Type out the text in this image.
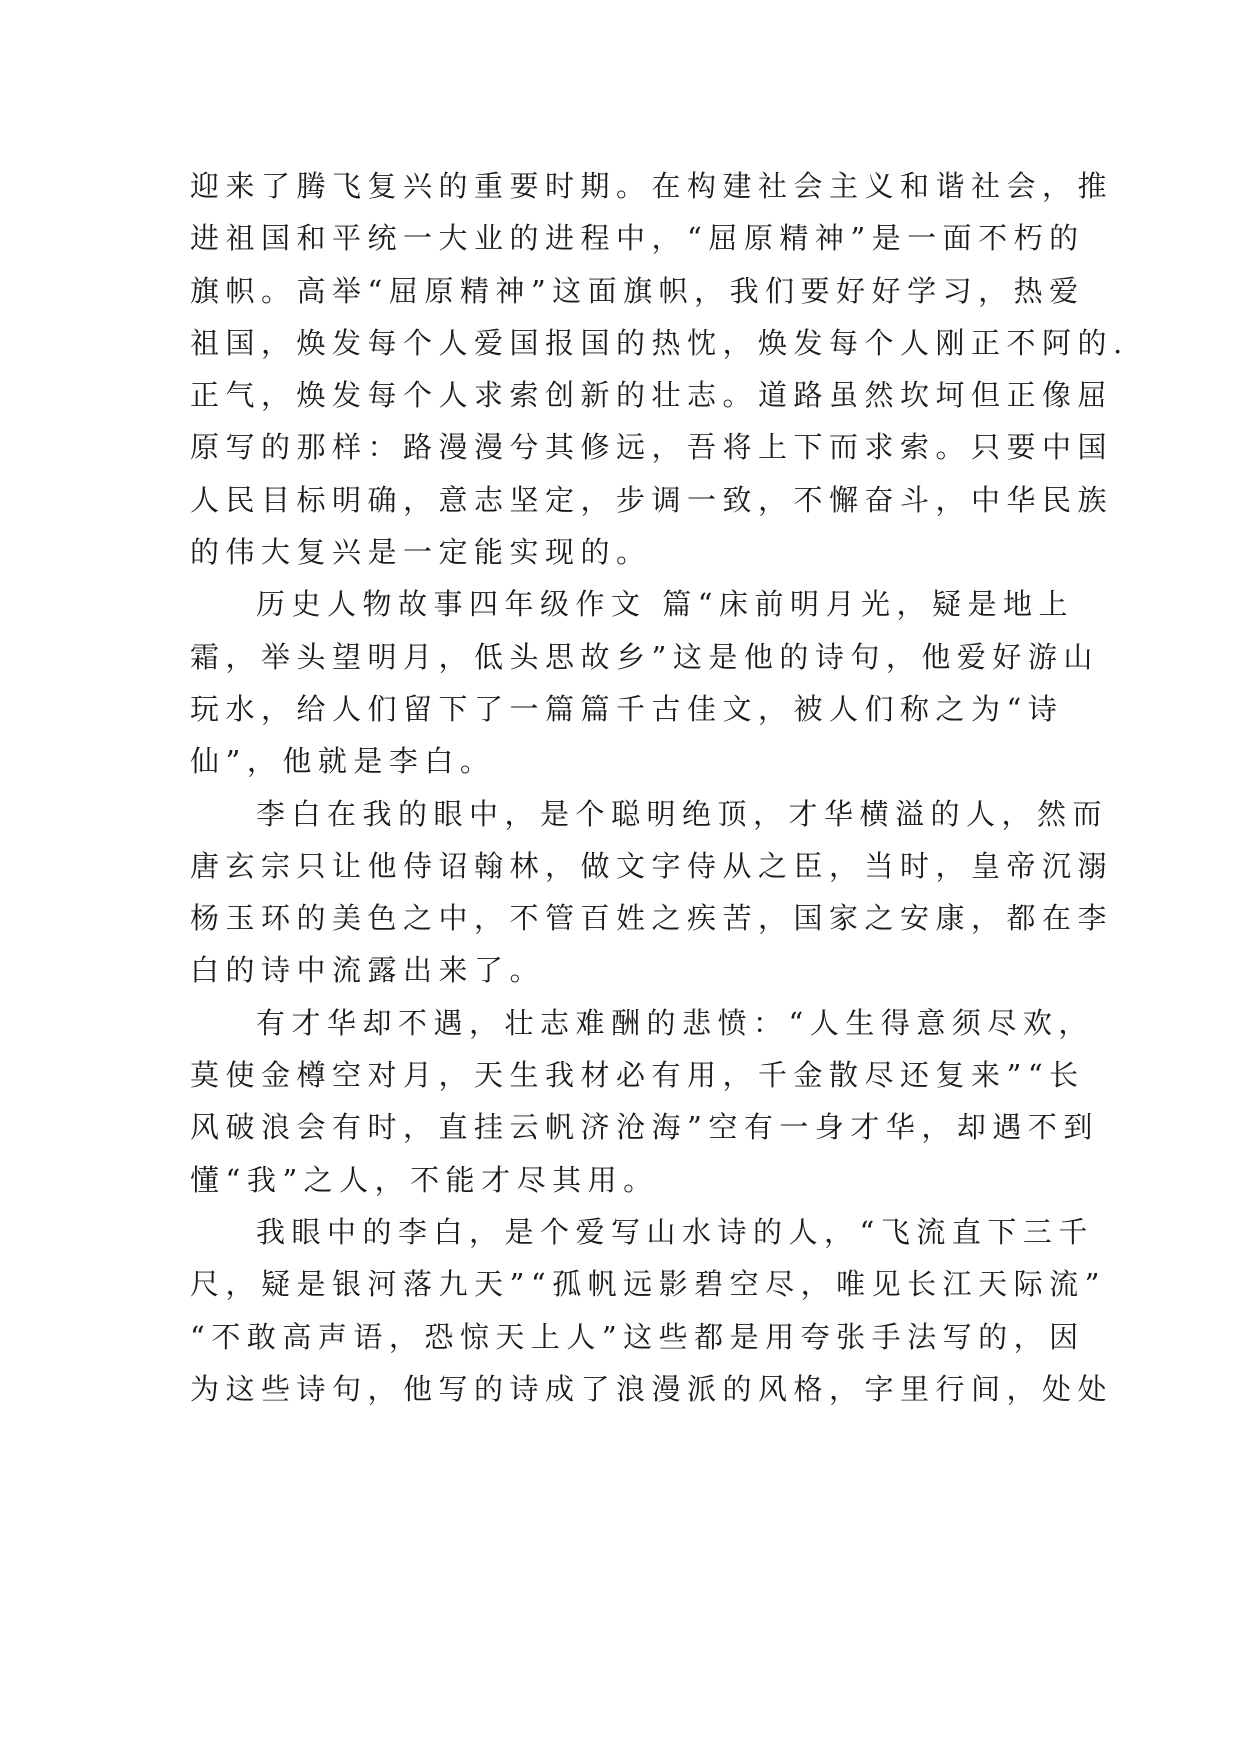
迎来了腾飞复兴的重要时期。在构建社会主义和谐社会，推
进祖国和平统一大业的进程中，“屈原精神”是一面不朽的
旗帜。高举“屈原精神”这面旗帜，我们要好好学习，热爱
祖国，焕发每个人爱国报国的热忱，焕发每个人刚正不阿的.
正气，焕发每个人求索创新的壮志。道路虽然坎坷但正像屈
原写的那样：路漫漫兮其修远，吾将上下而求索。只要中国
人民目标明确，意志坚定，步调一致，不懈奋斗，中华民族
的伟大复兴是一定能实现的。
历史人物故事四年级作文 篇“床前明月光，疑是地上
霜，举头望明月，低头思故乡”这是他的诗句，他爱好游山
玩水，给人们留下了一篇篇千古佳文，被人们称之为“诗
仙”，他就是李白。
李白在我的眼中，是个聪明绝顶，才华横溢的人，然而
唐玄宗只让他侍诏翰林，做文字侍从之臣，当时，皇帝沉溺
杨玉环的美色之中，不管百姓之疾苦，国家之安康，都在李
白的诗中流露出来了。
有才华却不遇，壮志难酬的悲愤：“人生得意须尽欢，
莫使金樽空对月，天生我材必有用，千金散尽还复来”“长
风破浪会有时，直挂云帆济沧海”空有一身才华，却遇不到
懂“我”之人，不能才尽其用。
我眼中的李白，是个爱写山水诗的人，“飞流直下三千
尺，疑是银河落九天”“孤帆远影碧空尽，唯见长江天际流”
“不敢高声语，恐惊天上人”这些都是用夸张手法写的，因
为这些诗句，他写的诗成了浪漫派的风格，字里行间，处处
